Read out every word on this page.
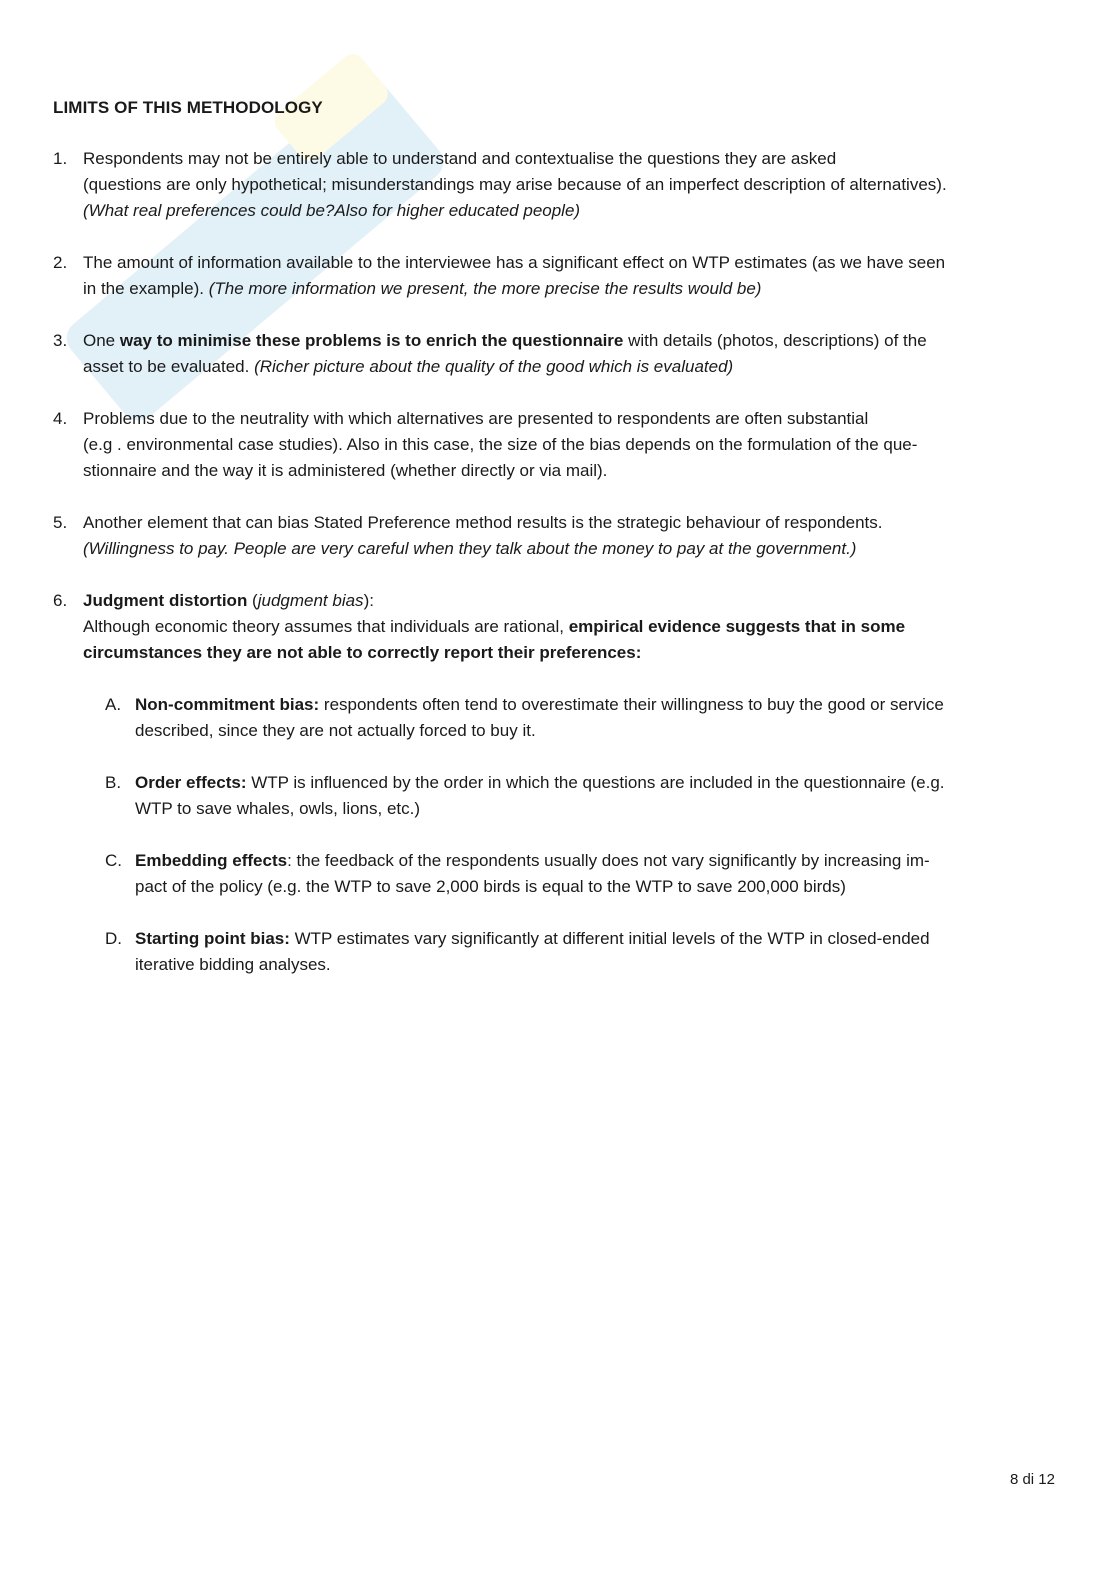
LIMITS OF THIS METHODOLOGY
1. Respondents may not be entirely able to understand and contextualise the questions they are asked
(questions are only hypothetical; misunderstandings may arise because of an imperfect description of alternatives).
(What real preferences could be?Also for higher educated people)
2. The amount of information available to the interviewee has a significant effect on WTP estimates (as we have seen
in the example). (The more information we present, the more precise the results would be)
3. One way to minimise these problems is to enrich the questionnaire with details (photos, descriptions) of the
asset to be evaluated. (Richer picture about the quality of the good which is evaluated)
4. Problems due to the neutrality with which alternatives are presented to respondents are often substantial
(e.g . environmental case studies). Also in this case, the size of the bias depends on the formulation of the que-
stionnaire and the way it is administered (whether directly or via mail).
5. Another element that can bias Stated Preference method results is the strategic behaviour of respondents.
(Willingness to pay. People are very careful when they talk about the money to pay at the government.)
6. Judgment distortion (judgment bias):
Although economic theory assumes that individuals are rational, empirical evidence suggests that in some
circumstances they are not able to correctly report their preferences:
A. Non-commitment bias: respondents often tend to overestimate their willingness to buy the good or service
described, since they are not actually forced to buy it.
B. Order effects: WTP is influenced by the order in which the questions are included in the questionnaire (e.g.
WTP to save whales, owls, lions, etc.)
C. Embedding effects: the feedback of the respondents usually does not vary significantly by increasing im-
pact of the policy (e.g. the WTP to save 2,000 birds is equal to the WTP to save 200,000 birds)
D. Starting point bias: WTP estimates vary significantly at different initial levels of the WTP in closed-ended
iterative bidding analyses.
8 di 12
